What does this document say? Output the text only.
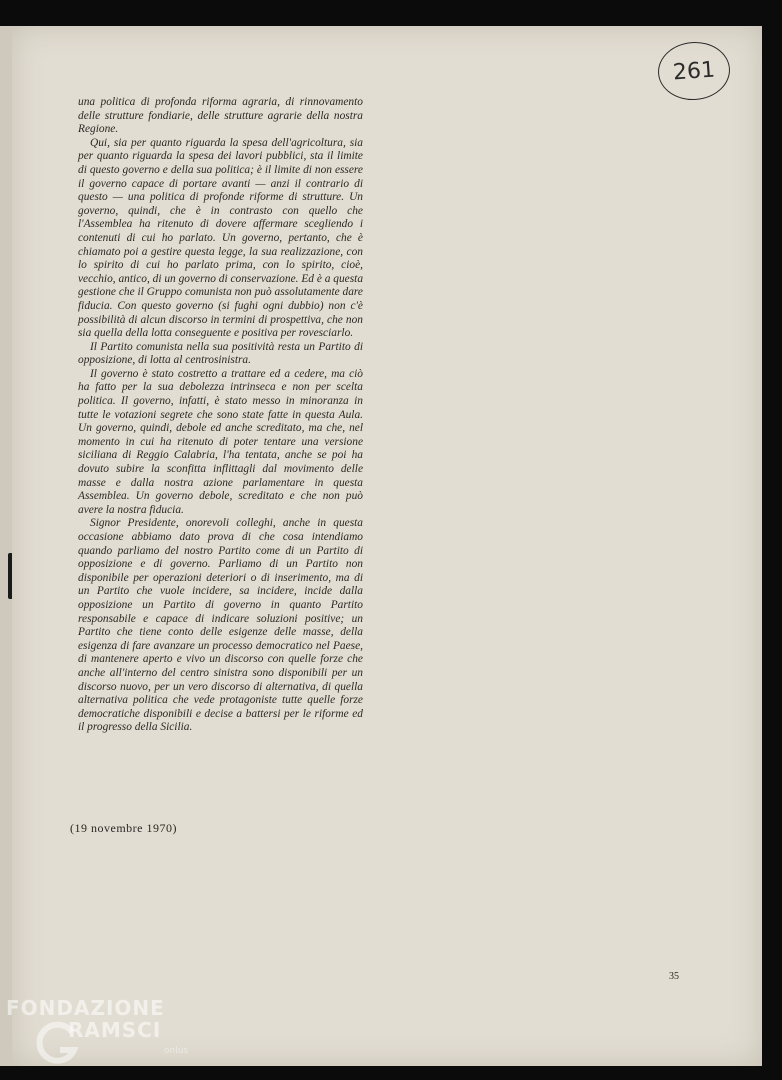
261

una politica di profonda riforma agraria, di rinnovamento delle strutture fondiarie, delle strutture agrarie della nostra Regione.

Qui, sia per quanto riguarda la spesa dell'agricoltura, sia per quanto riguarda la spesa dei lavori pubblici, sta il limite di questo governo e della sua politica; è il limite di non essere il governo capace di portare avanti — anzi il contrario di questo — una politica di profonde riforme di strutture. Un governo, quindi, che è in contrasto con quello che l'Assemblea ha ritenuto di dovere affermare scegliendo i contenuti di cui ho parlato. Un governo, pertanto, che è chiamato poi a gestire questa legge, la sua realizzazione, con lo spirito di cui ho parlato prima, con lo spirito, cioè, vecchio, antico, di un governo di conservazione. Ed è a questa gestione che il Gruppo comunista non può assolutamente dare fiducia. Con questo governo (si fughi ogni dubbio) non c'è possibilità di alcun discorso in termini di prospettiva, che non sia quella della lotta conseguente e positiva per rovesciarlo.

Il Partito comunista nella sua positività resta un Partito di opposizione, di lotta al centrosinistra.

Il governo è stato costretto a trattare ed a cedere, ma ciò ha fatto per la sua debolezza intrinseca e non per scelta politica. Il governo, infatti, è stato messo in minoranza in tutte le votazioni segrete che sono state fatte in questa Aula. Un governo, quindi, debole ed anche screditato, ma che, nel momento in cui ha ritenuto di poter tentare una versione siciliana di Reggio Calabria, l'ha tentata, anche se poi ha dovuto subire la sconfitta inflittagli dal movimento delle masse e dalla nostra azione parlamentare in questa Assemblea. Un governo debole, screditato e che non può avere la nostra fiducia.

Signor Presidente, onorevoli colleghi, anche in questa occasione abbiamo dato prova di che cosa intendiamo quando parliamo del nostro Partito come di un Partito di opposizione e di governo. Parliamo di un Partito non disponibile per operazioni deteriori o di inserimento, ma di un Partito che vuole incidere, sa incidere, incide dalla opposizione un Partito di governo in quanto Partito responsabile e capace di indicare soluzioni positive; un Partito che tiene conto delle esigenze delle masse, della esigenza di fare avanzare un processo democratico nel Paese, di mantenere aperto e vivo un discorso con quelle forze che anche all'interno del centro sinistra sono disponibili per un discorso nuovo, per un vero discorso di alternativa, di quella alternativa politica che vede protagoniste tutte quelle forze democratiche disponibili e decise a battersi per le riforme ed il progresso della Sicilia.

(19 novembre 1970)
35
FONDAZIONE
RAMSCI
onlus
